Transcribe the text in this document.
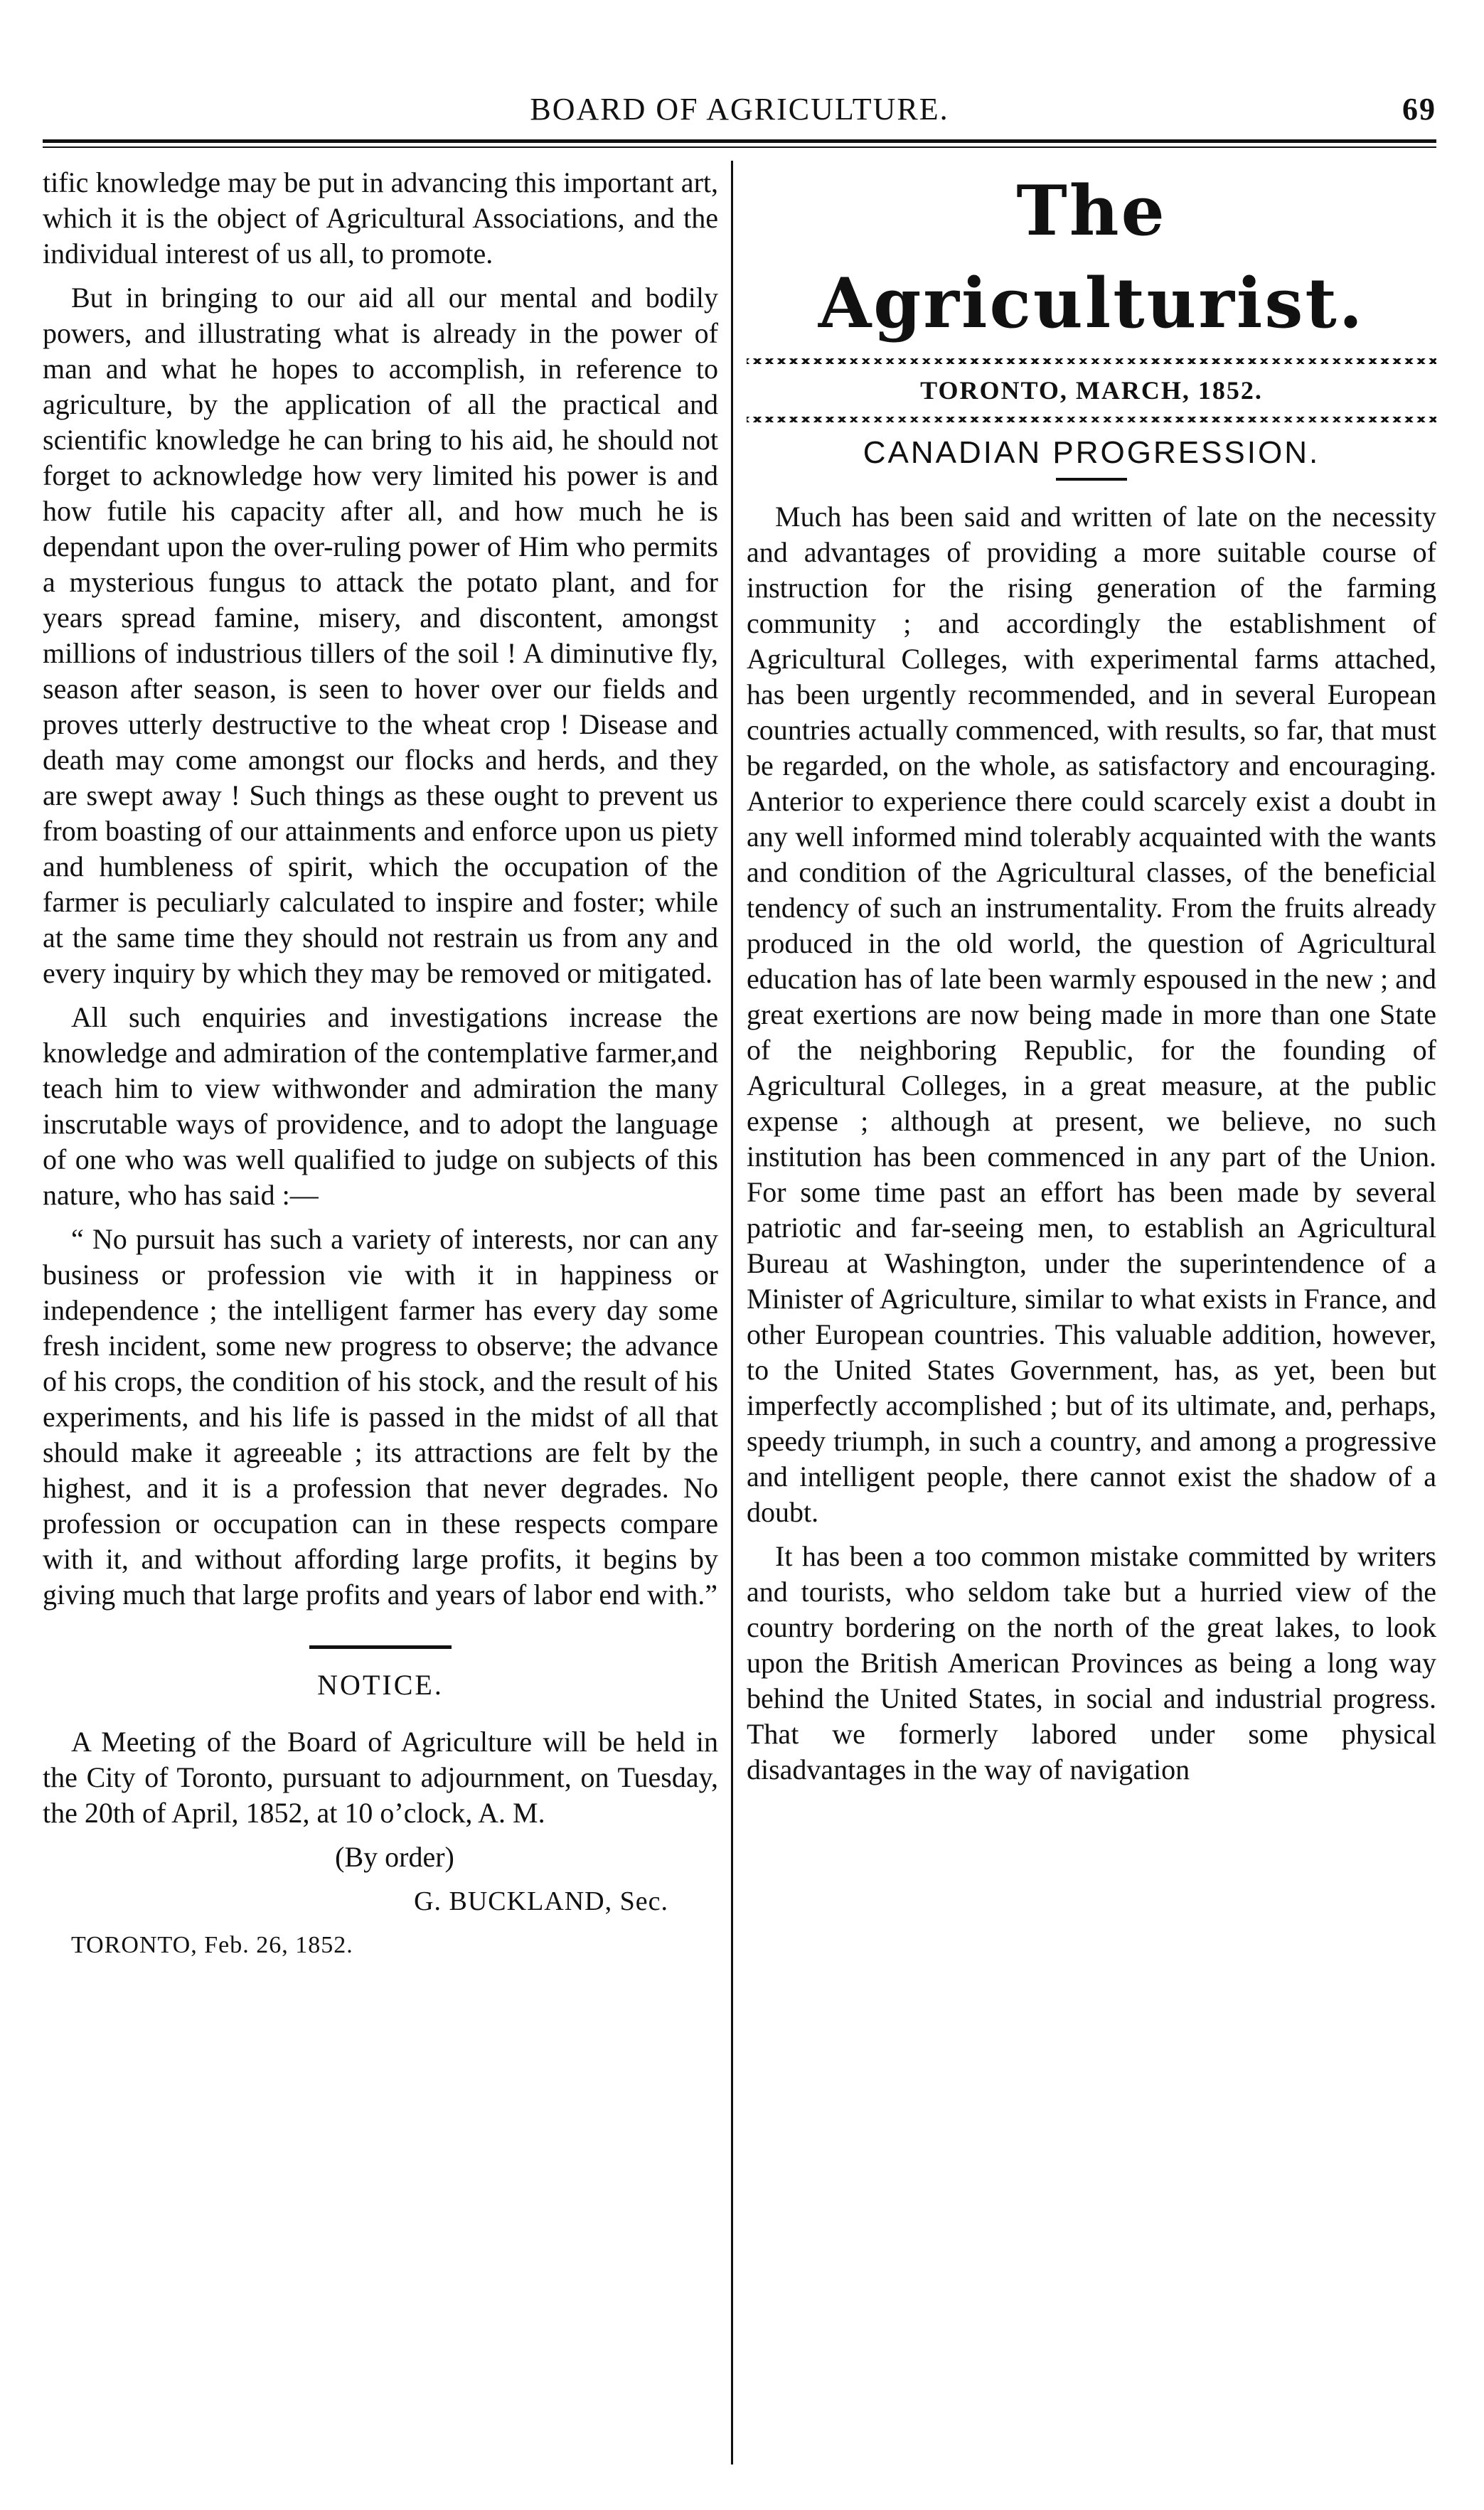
BOARD OF AGRICULTURE.	69

tific knowledge may be put in advancing this important art, which it is the object of Agricultural Associations, and the individual interest of us all, to promote.

But in bringing to our aid all our mental and bodily powers, and illustrating what is already in the power of man and what he hopes to accomplish, in reference to agriculture, by the application of all the practical and scientific knowledge he can bring to his aid, he should not forget to acknowledge how very limited his power is and how futile his capacity after all, and how much he is dependant upon the over-ruling power of Him who permits a mysterious fungus to attack the potato plant, and for years spread famine, misery, and discontent, amongst millions of industrious tillers of the soil ! A diminutive fly, season after season, is seen to hover over our fields and proves utterly destructive to the wheat crop ! Disease and death may come amongst our flocks and herds, and they are swept away ! Such things as these ought to prevent us from boasting of our attainments and enforce upon us piety and humbleness of spirit, which the occupation of the farmer is peculiarly calculated to inspire and foster; while at the same time they should not restrain us from any and every inquiry by which they may be removed or mitigated.

All such enquiries and investigations increase the knowledge and admiration of the contemplative farmer,and teach him to view withwonder and admiration the many inscrutable ways of providence, and to adopt the language of one who was well qualified to judge on subjects of this nature, who has said :—

“ No pursuit has such a variety of interests, nor can any business or profession vie with it in happiness or independence ; the intelligent farmer has every day some fresh incident, some new progress to observe; the advance of his crops, the condition of his stock, and the result of his experiments, and his life is passed in the midst of all that should make it agreeable ; its attractions are felt by the highest, and it is a profession that never degrades. No profession or occupation can in these respects compare with it, and without affording large profits, it begins by giving much that large profits and years of labor end with.”

NOTICE.

A Meeting of the Board of Agriculture will be held in the City of Toronto, pursuant to adjournment, on Tuesday, the 20th of April, 1852, at 10 o’clock, A. M.

(By order)

G. BUCKLAND, Sec.

TORONTO, Feb. 26, 1852.

The Agriculturist.
TORONTO, MARCH, 1852.
CANADIAN PROGRESSION.

Much has been said and written of late on the necessity and advantages of providing a more suitable course of instruction for the rising generation of the farming community ; and accordingly the establishment of Agricultural Colleges, with experimental farms attached, has been urgently recommended, and in several European countries actually commenced, with results, so far, that must be regarded, on the whole, as satisfactory and encouraging. Anterior to experience there could scarcely exist a doubt in any well informed mind tolerably acquainted with the wants and condition of the Agricultural classes, of the beneficial tendency of such an instrumentality. From the fruits already produced in the old world, the question of Agricultural education has of late been warmly espoused in the new ; and great exertions are now being made in more than one State of the neighboring Republic, for the founding of Agricultural Colleges, in a great measure, at the public expense ; although at present, we believe, no such institution has been commenced in any part of the Union. For some time past an effort has been made by several patriotic and far-seeing men, to establish an Agricultural Bureau at Washington, under the superintendence of a Minister of Agriculture, similar to what exists in France, and other European countries. This valuable addition, however, to the United States Government, has, as yet, been but imperfectly accomplished ; but of its ultimate, and, perhaps, speedy triumph, in such a country, and among a progressive and intelligent people, there cannot exist the shadow of a doubt.

It has been a too common mistake committed by writers and tourists, who seldom take but a hurried view of the country bordering on the north of the great lakes, to look upon the British American Provinces as being a long way behind the United States, in social and industrial progress. That we formerly labored under some physical disadvantages in the way of navigation
